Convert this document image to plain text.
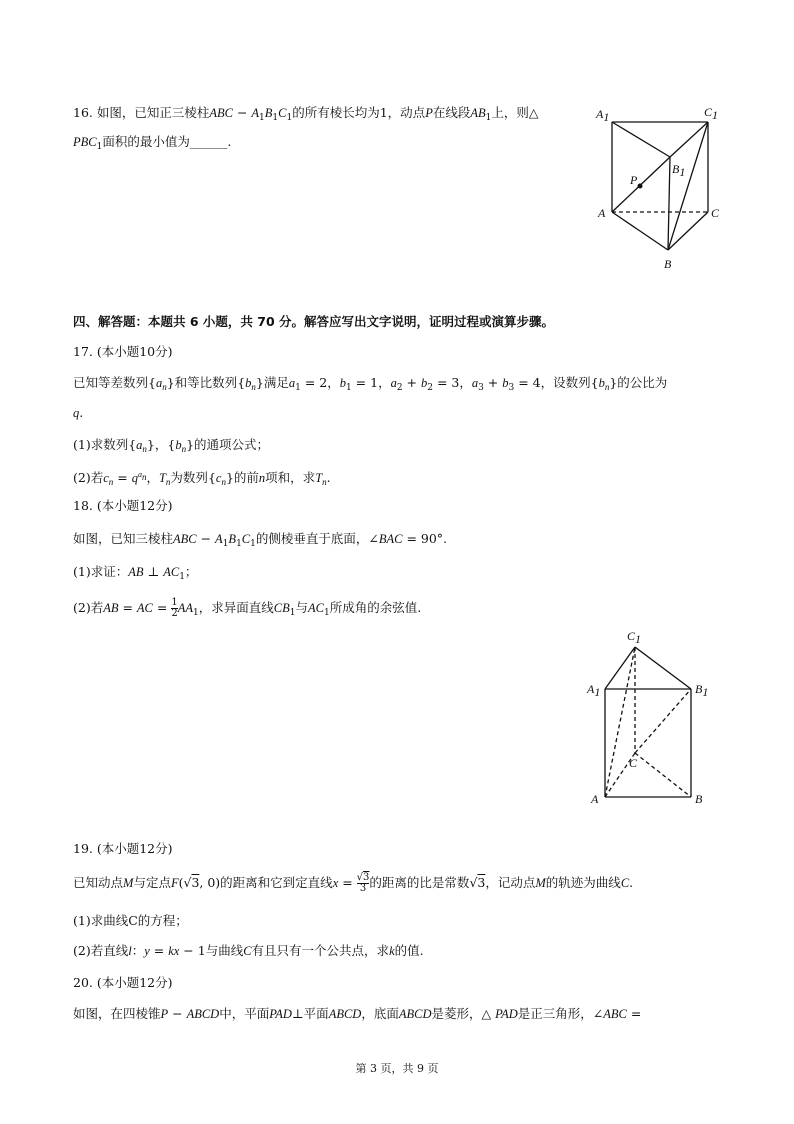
16. 如图，已知正三棱柱ABC − $A_1B_1C_1$的所有棱长均为1，动点P在线段$AB_1$上，则△
$PBC_1$面积的最小值为______.
A1	C1
B1
P
A	C
B
四、解答题：本题共 6 小题，共 70 分。解答应写出文字说明，证明过程或演算步骤。
17. (本小题10分)
已知等差数列$\{a_n\}$和等比数列$\{b_n\}$满足$a_1 = 2$，$b_1 = 1$，$a_2 + b_2 = 3$，$a_3 + b_3 = 4$，设数列$\{b_n\}$的公比为
q.
(1)求数列$\{a_n\}$，$\{b_n\}$的通项公式；
(2)若$c_n = q^{a_n}$，$T_n$为数列$\{c_n\}$的前n项和，求$T_n$.
18. (本小题12分)
如图，已知三棱柱ABC − $A_1B_1C_1$的侧棱垂直于底面，∠BAC = 90°.
(1)求证：AB ⊥ $AC_1$；
(2)若AB = AC = $\frac{1}{2} AA_1$，求异面直线$CB_1$与$AC_1$所成角的余弦值.
C1
A1	B1
C
A	B
19. (本小题12分)
已知动点M与定点F(√3, 0)的距离和它到定直线$x = \frac{√3}{3}$ 的距离的比是常数√3，记动点M的轨迹为曲线C.
(1)求曲线C的方程；
(2)若直线l：y = kx − 1与曲线C有且只有一个公共点，求k的值.
20. (本小题12分)
如图，在四棱锥P − ABCD中，平面PAD⊥平面ABCD，底面ABCD是菱形，△ PAD是正三角形，∠ABC =
第 3 页，共 9 页
